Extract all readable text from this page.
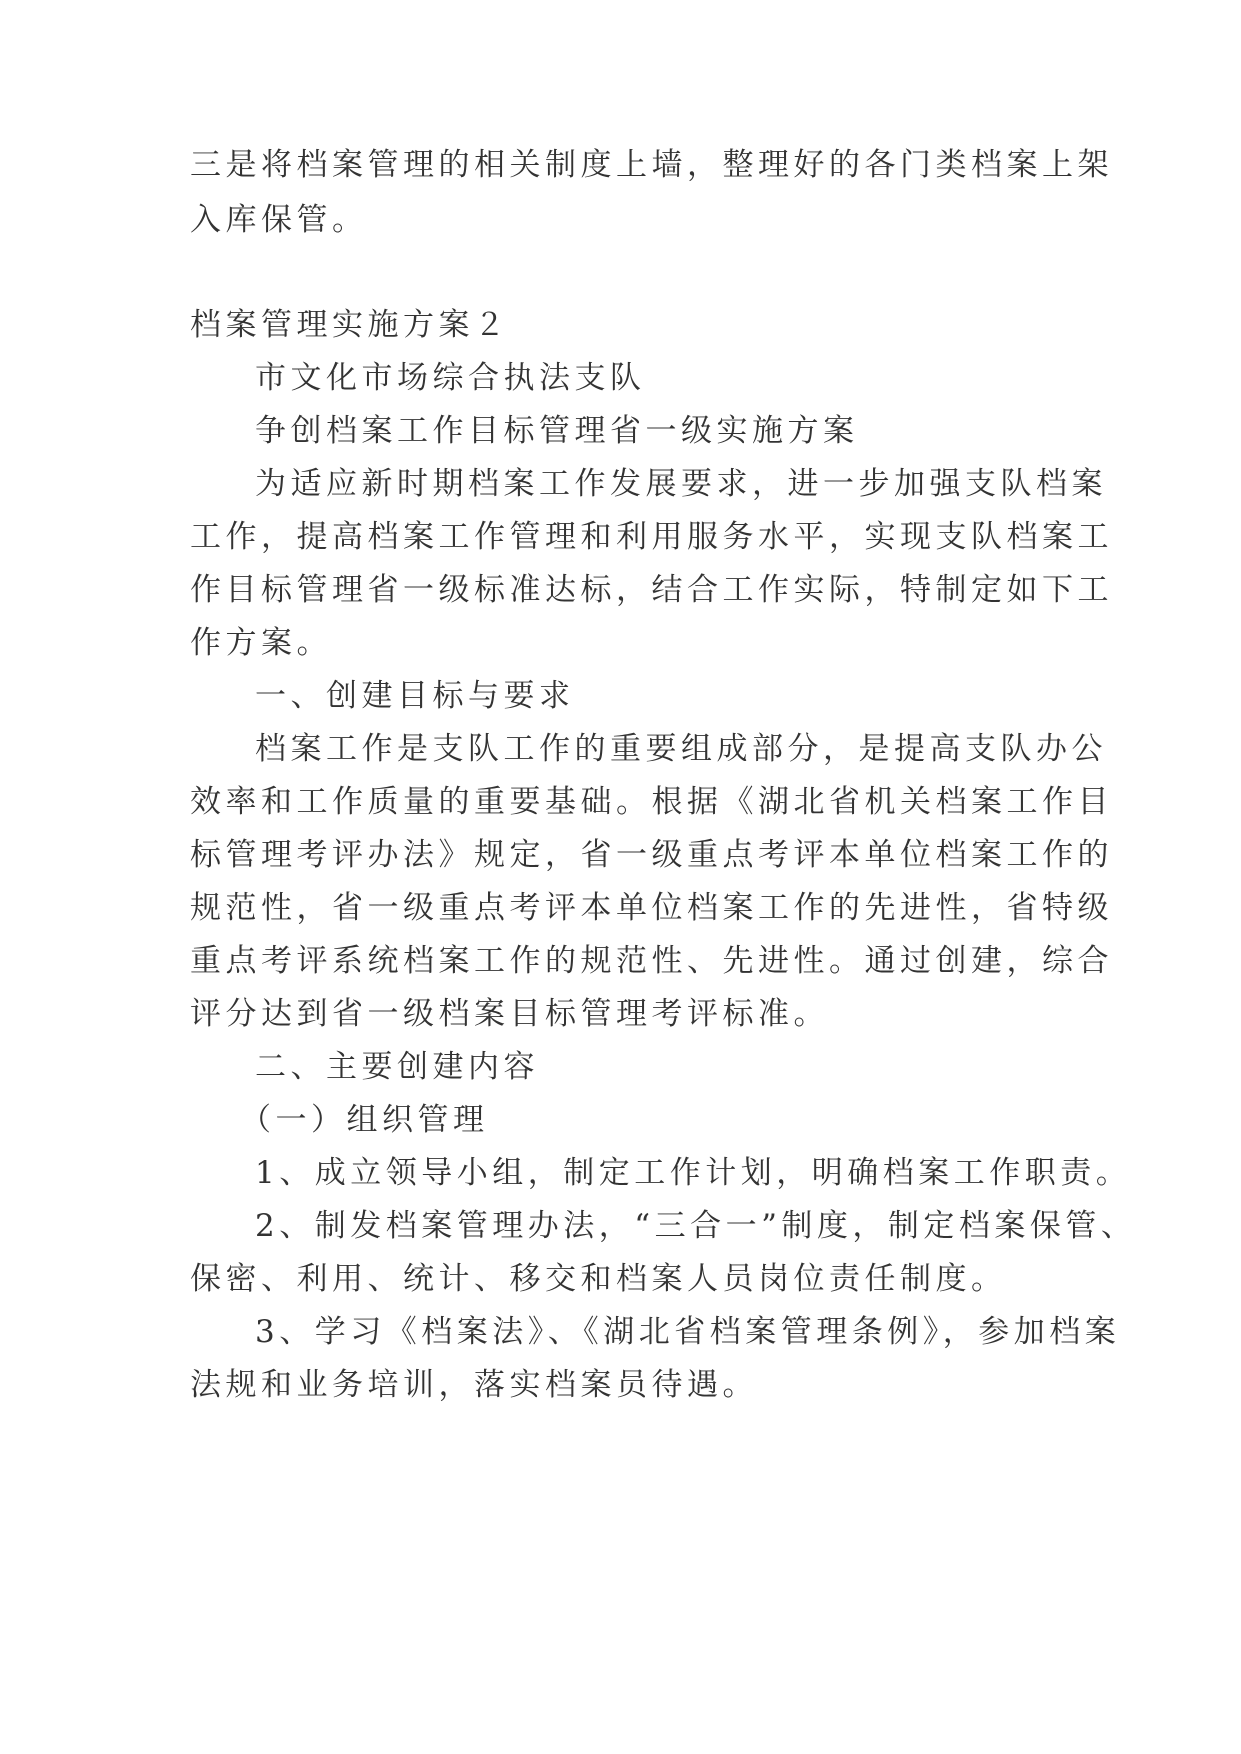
三是将档案管理的相关制度上墙，整理好的各门类档案上架

入库保管。

档案管理实施方案２

市文化市场综合执法支队

争创档案工作目标管理省一级实施方案

为适应新时期档案工作发展要求，进一步加强支队档案

工作，提高档案工作管理和利用服务水平，实现支队档案工

作目标管理省一级标准达标，结合工作实际，特制定如下工

作方案。

一、创建目标与要求

档案工作是支队工作的重要组成部分，是提高支队办公

效率和工作质量的重要基础。根据《湖北省机关档案工作目

标管理考评办法》规定，省一级重点考评本单位档案工作的

规范性，省一级重点考评本单位档案工作的先进性，省特级

重点考评系统档案工作的规范性、先进性。通过创建，综合

评分达到省一级档案目标管理考评标准。

二、主要创建内容

（一）组织管理

1、成立领导小组，制定工作计划，明确档案工作职责。

2、制发档案管理办法，“三合一”制度，制定档案保管、

保密、利用、统计、移交和档案人员岗位责任制度。

3、学习《档案法》、《湖北省档案管理条例》，参加档案

法规和业务培训，落实档案员待遇。
